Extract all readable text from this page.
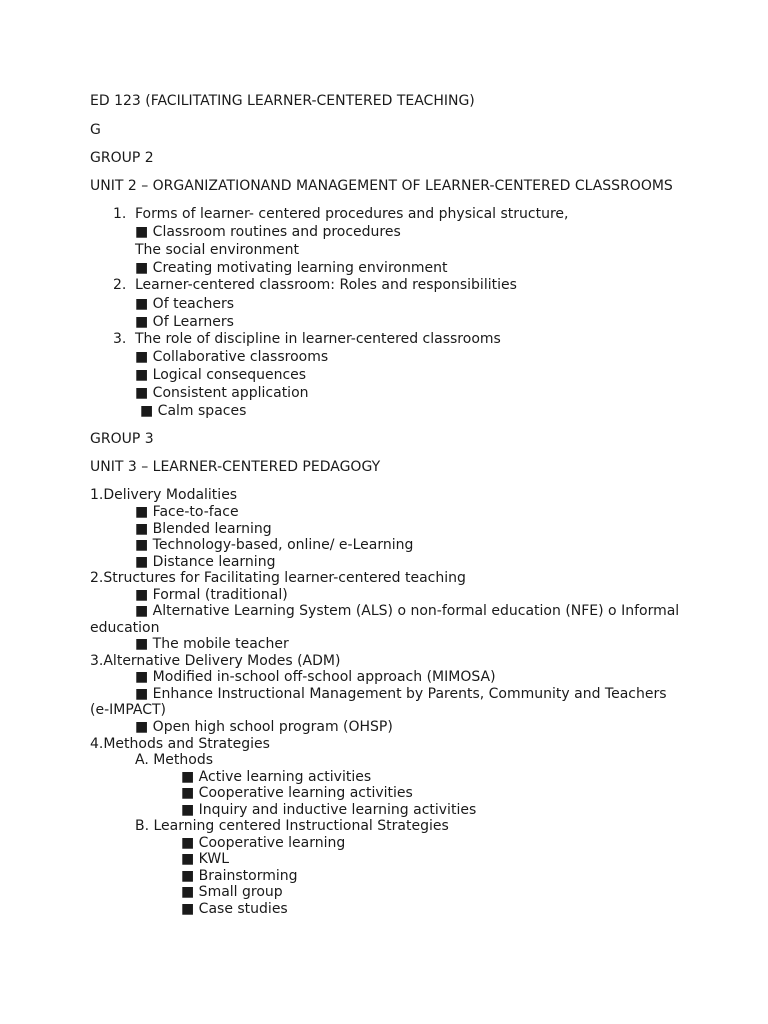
ED 123 (FACILITATING LEARNER-CENTERED TEACHING)
G
GROUP 2
UNIT 2 – ORGANIZATIONAND MANAGEMENT OF LEARNER-CENTERED CLASSROOMS
1. Forms of learner- centered procedures and physical structure,
■ Classroom routines and procedures
The social environment
■ Creating motivating learning environment
2. Learner-centered classroom: Roles and responsibilities
■ Of teachers
■ Of Learners
3. The role of discipline in learner-centered classrooms
■ Collaborative classrooms
■ Logical consequences
■ Consistent application
■ Calm spaces
GROUP 3
UNIT 3 – LEARNER-CENTERED PEDAGOGY
1.Delivery Modalities
■ Face-to-face
■ Blended learning
■ Technology-based, online/ e-Learning
■ Distance learning
2.Structures for Facilitating learner-centered teaching
■ Formal (traditional)
■ Alternative Learning System (ALS) o non-formal education (NFE) o Informal
education
■ The mobile teacher
3.Alternative Delivery Modes (ADM)
■ Modified in-school off-school approach (MIMOSA)
■ Enhance Instructional Management by Parents, Community and Teachers
(e-IMPACT)
■ Open high school program (OHSP)
4.Methods and Strategies
A. Methods
■ Active learning activities
■ Cooperative learning activities
■ Inquiry and inductive learning activities
B. Learning centered Instructional Strategies
■ Cooperative learning
■ KWL
■ Brainstorming
■ Small group
■ Case studies
